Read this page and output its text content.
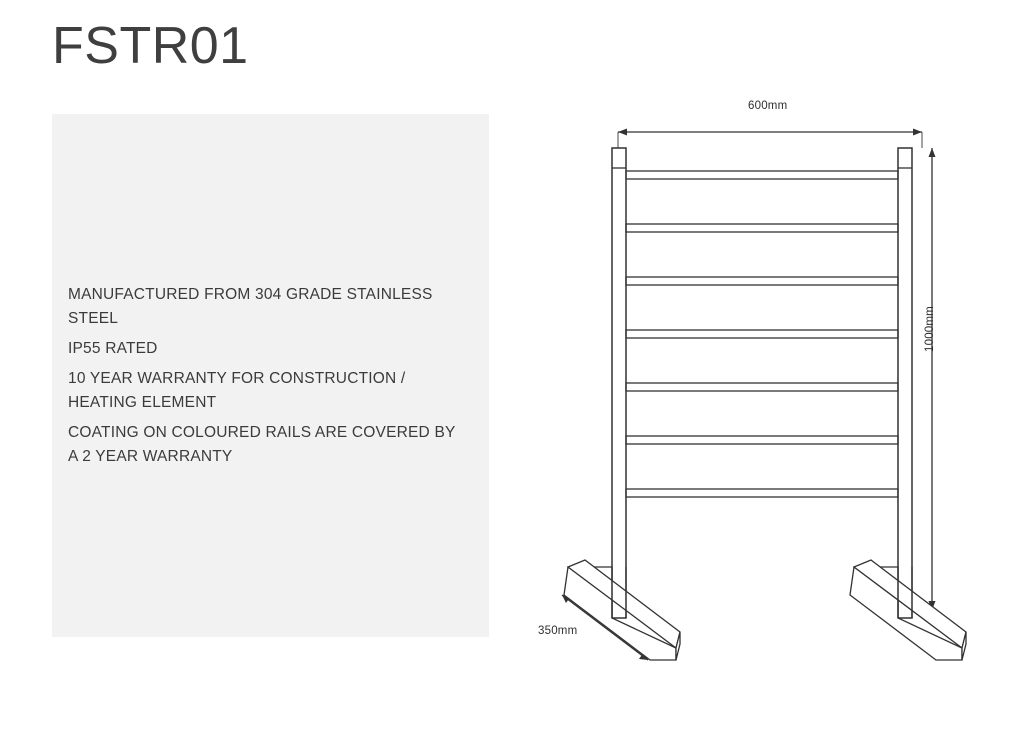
FSTR01
MANUFACTURED FROM 304 GRADE STAINLESS STEEL
IP55 RATED
10 YEAR WARRANTY FOR CONSTRUCTION / HEATING ELEMENT
COATING ON COLOURED RAILS ARE COVERED BY A 2 YEAR WARRANTY
600mm
1000mm
350mm
